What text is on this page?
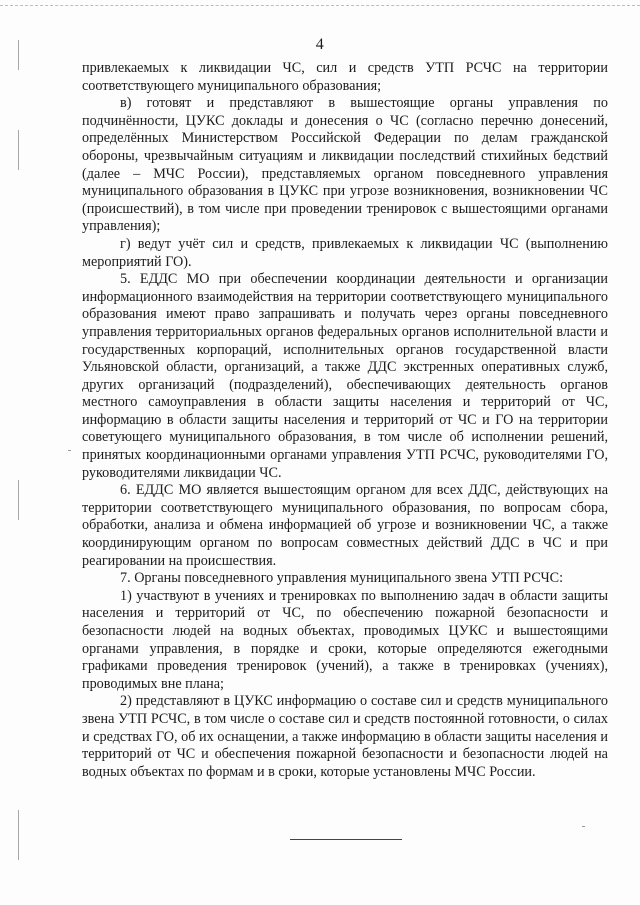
4

привлекаемых к ликвидации ЧС, сил и средств УТП РСЧС на территории соответствующего муниципального образования;

в) готовят и представляют в вышестоящие органы управления по подчинённости, ЦУКС доклады и донесения о ЧС (согласно перечню донесений, определённых Министерством Российской Федерации по делам гражданской обороны, чрезвычайным ситуациям и ликвидации последствий стихийных бедствий (далее – МЧС России), представляемых органом повседневного управления муниципального образования в ЦУКС при угрозе возникновения, возникновении ЧС (происшествий), в том числе при проведении тренировок с вышестоящими органами управления);

г) ведут учёт сил и средств, привлекаемых к ликвидации ЧС (выполнению мероприятий ГО).

5. ЕДДС МО при обеспечении координации деятельности и организации информационного взаимодействия на территории соответствующего муниципального образования имеют право запрашивать и получать через органы повседневного управления территориальных органов федеральных органов исполнительной власти и государственных корпораций, исполнительных органов государственной власти Ульяновской области, организаций, а также ДДС экстренных оперативных служб, других организаций (подразделений), обеспечивающих деятельность органов местного самоуправления в области защиты населения и территорий от ЧС, информацию в области защиты населения и территорий от ЧС и ГО на территории советующего муниципального образования, в том числе об исполнении решений, принятых координационными органами управления УТП РСЧС, руководителями ГО, руководителями ликвидации ЧС.

6. ЕДДС МО является вышестоящим органом для всех ДДС, действующих на территории соответствующего муниципального образования, по вопросам сбора, обработки, анализа и обмена информацией об угрозе и возникновении ЧС, а также координирующим органом по вопросам совместных действий ДДС в ЧС и при реагировании на происшествия.

7. Органы повседневного управления муниципального звена УТП РСЧС:

1) участвуют в учениях и тренировках по выполнению задач в области защиты населения и территорий от ЧС, по обеспечению пожарной безопасности и безопасности людей на водных объектах, проводимых ЦУКС и вышестоящими органами управления, в порядке и сроки, которые определяются ежегодными графиками проведения тренировок (учений), а также в тренировках (учениях), проводимых вне плана;

2) представляют в ЦУКС информацию о составе сил и средств муниципального звена УТП РСЧС, в том числе о составе сил и средств постоянной готовности, о силах и средствах ГО, об их оснащении, а также информацию в области защиты населения и территорий от ЧС и обеспечения пожарной безопасности и безопасности людей на водных объектах по формам и в сроки, которые установлены МЧС России.
